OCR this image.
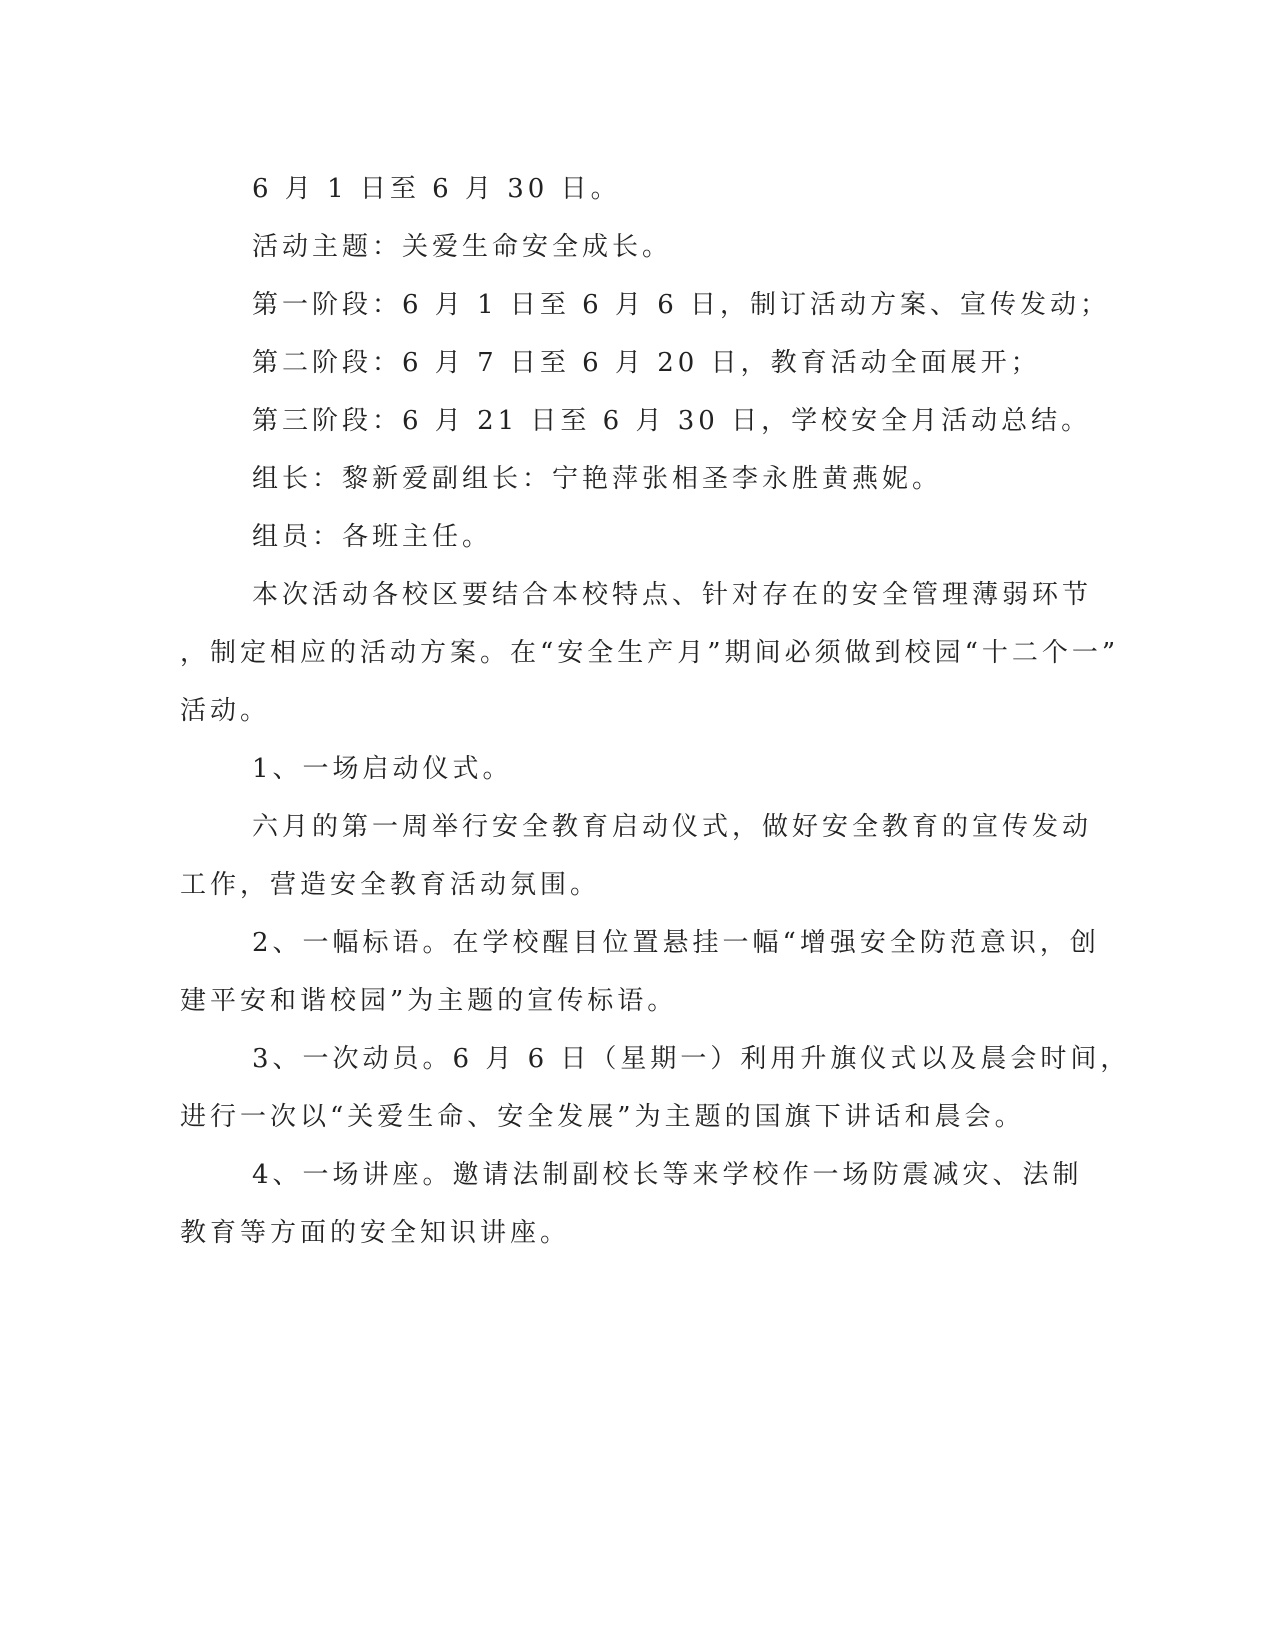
6 月 1 日至 6 月 30 日。
活动主题：关爱生命安全成长。
第一阶段：6 月 1 日至 6 月 6 日，制订活动方案、宣传发动；
第二阶段：6 月 7 日至 6 月 20 日，教育活动全面展开；
第三阶段：6 月 21 日至 6 月 30 日，学校安全月活动总结。
组长：黎新爱副组长：宁艳萍张相圣李永胜黄燕妮。
组员：各班主任。
本次活动各校区要结合本校特点、针对存在的安全管理薄弱环节
，制定相应的活动方案。在“安全生产月”期间必须做到校园“十二个一”
活动。
1、一场启动仪式。
六月的第一周举行安全教育启动仪式，做好安全教育的宣传发动
工作，营造安全教育活动氛围。
2、一幅标语。在学校醒目位置悬挂一幅“增强安全防范意识，创
建平安和谐校园”为主题的宣传标语。
3、一次动员。6 月 6 日（星期一）利用升旗仪式以及晨会时间，
进行一次以“关爱生命、安全发展”为主题的国旗下讲话和晨会。
4、一场讲座。邀请法制副校长等来学校作一场防震减灾、法制
教育等方面的安全知识讲座。
